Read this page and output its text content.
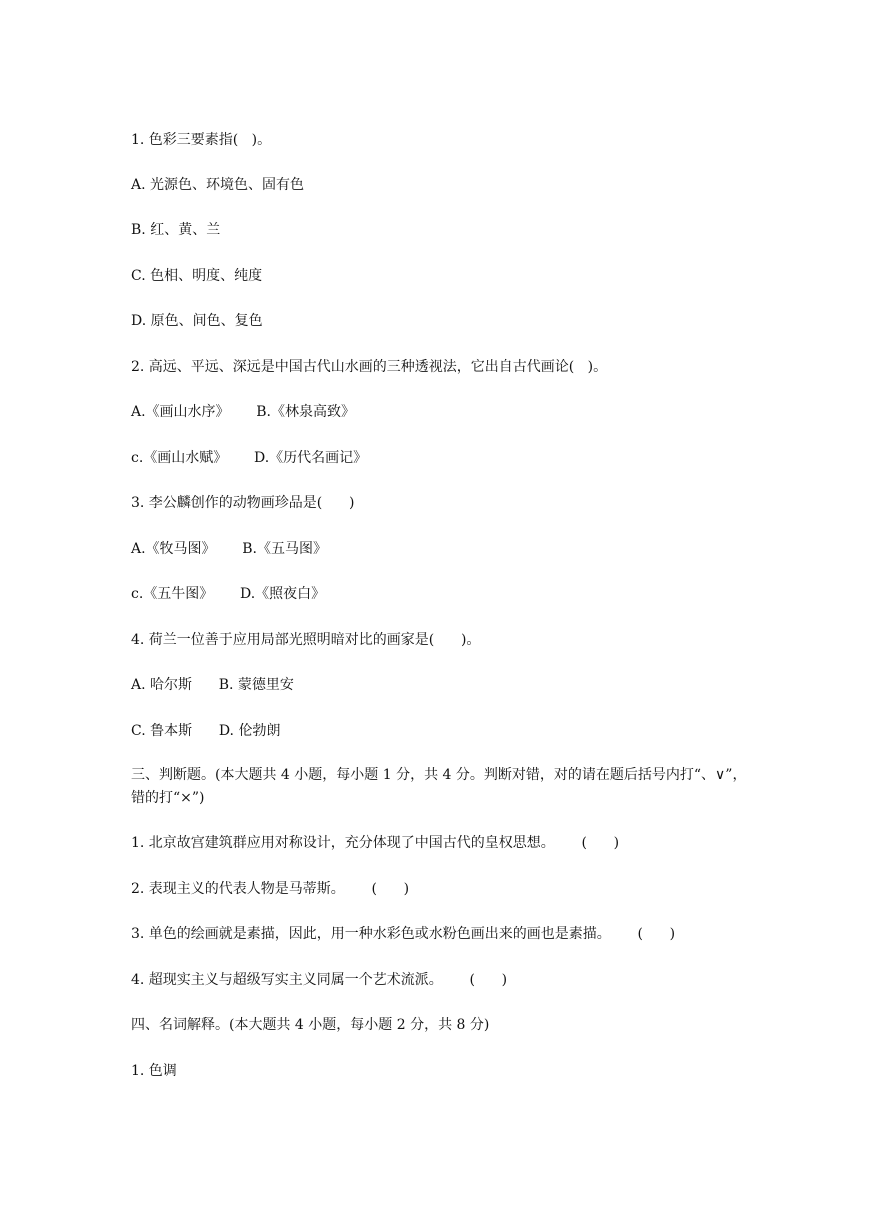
1. 色彩三要素指(   )。
A. 光源色、环境色、固有色
B. 红、黄、兰
C. 色相、明度、纯度
D. 原色、间色、复色
2. 高远、平远、深远是中国古代山水画的三种透视法，它出自古代画论(   )。
A.《画山水序》      B.《林泉高致》
c.《画山水赋》      D.《历代名画记》
3. 李公麟创作的动物画珍品是(      )
A.《牧马图》      B.《五马图》
c.《五牛图》      D.《照夜白》
4. 荷兰一位善于应用局部光照明暗对比的画家是(      )。
A. 哈尔斯      B. 蒙德里安
C. 鲁本斯      D. 伦勃朗
三、判断题。(本大题共 4 小题，每小题 1 分，共 4 分。判断对错，对的请在题后括号内打“、∨”，错的打“×”)
1. 北京故宫建筑群应用对称设计，充分体现了中国古代的皇权思想。      (      )
2. 表现主义的代表人物是马蒂斯。      (      )
3. 单色的绘画就是素描，因此，用一种水彩色或水粉色画出来的画也是素描。      (      )
4. 超现实主义与超级写实主义同属一个艺术流派。      (      )
四、名词解释。(本大题共 4 小题，每小题 2 分，共 8 分)
1. 色调
